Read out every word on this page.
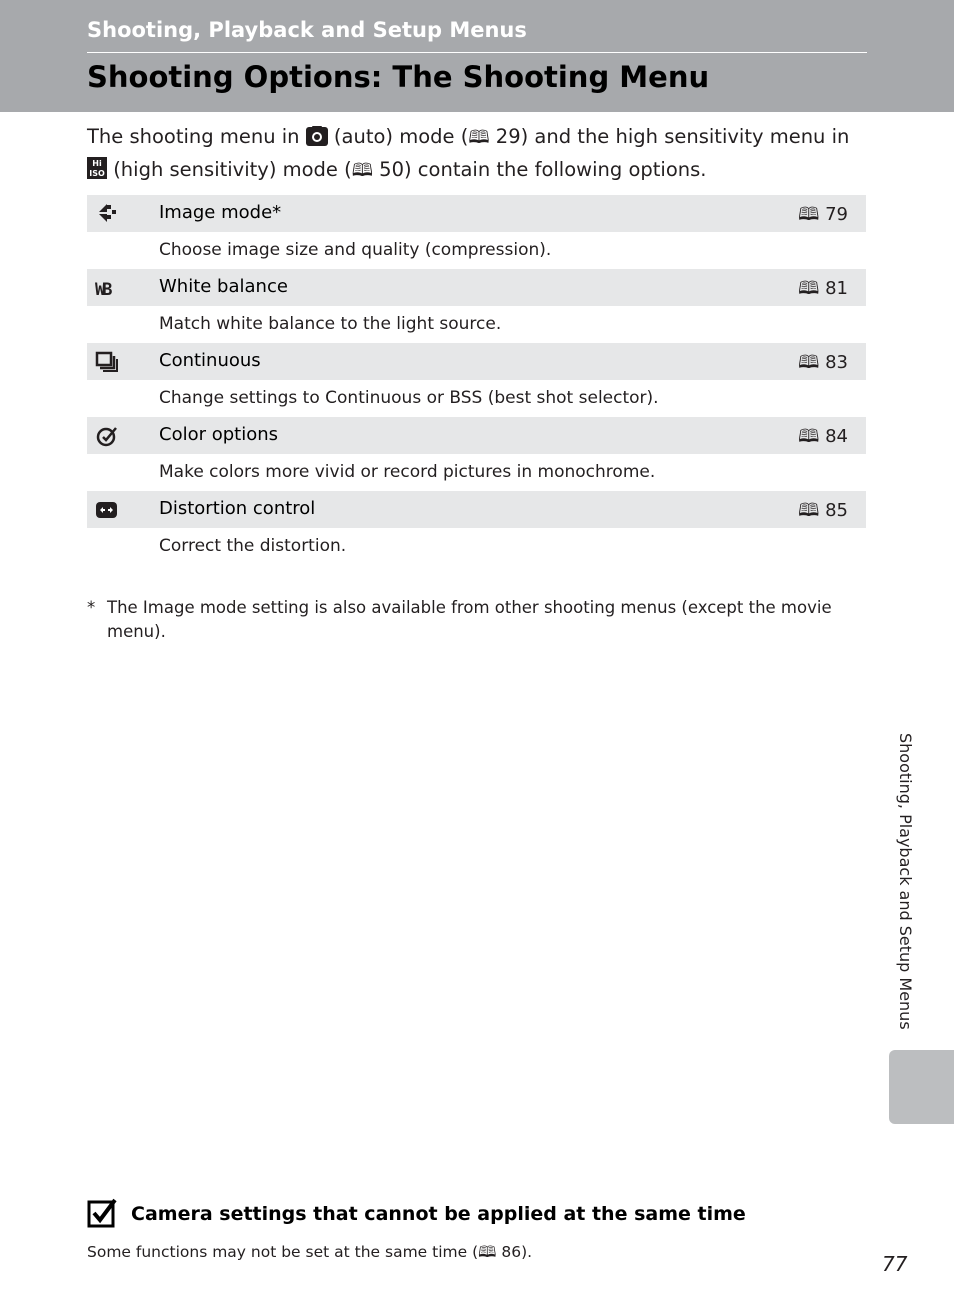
Shooting, Playback and Setup Menus
Shooting Options: The Shooting Menu
The shooting menu in  (auto) mode (🕮 29) and the high sensitivity menu in
Hi
ISO (high sensitivity) mode (🕮 50) contain the following options.
Image mode*	🕮 79
Choose image size and quality (compression).
WB	White balance	🕮 81
Match white balance to the light source.
Continuous	🕮 83
Change settings to Continuous or BSS (best shot selector).
Color options	🕮 84
Make colors more vivid or record pictures in monochrome.
Distortion control	🕮 85
Correct the distortion.
* The Image mode setting is also available from other shooting menus (except the movie menu).
Shooting, Playback and Setup Menus
Camera settings that cannot be applied at the same time
Some functions may not be set at the same time (🕮 86).	77
